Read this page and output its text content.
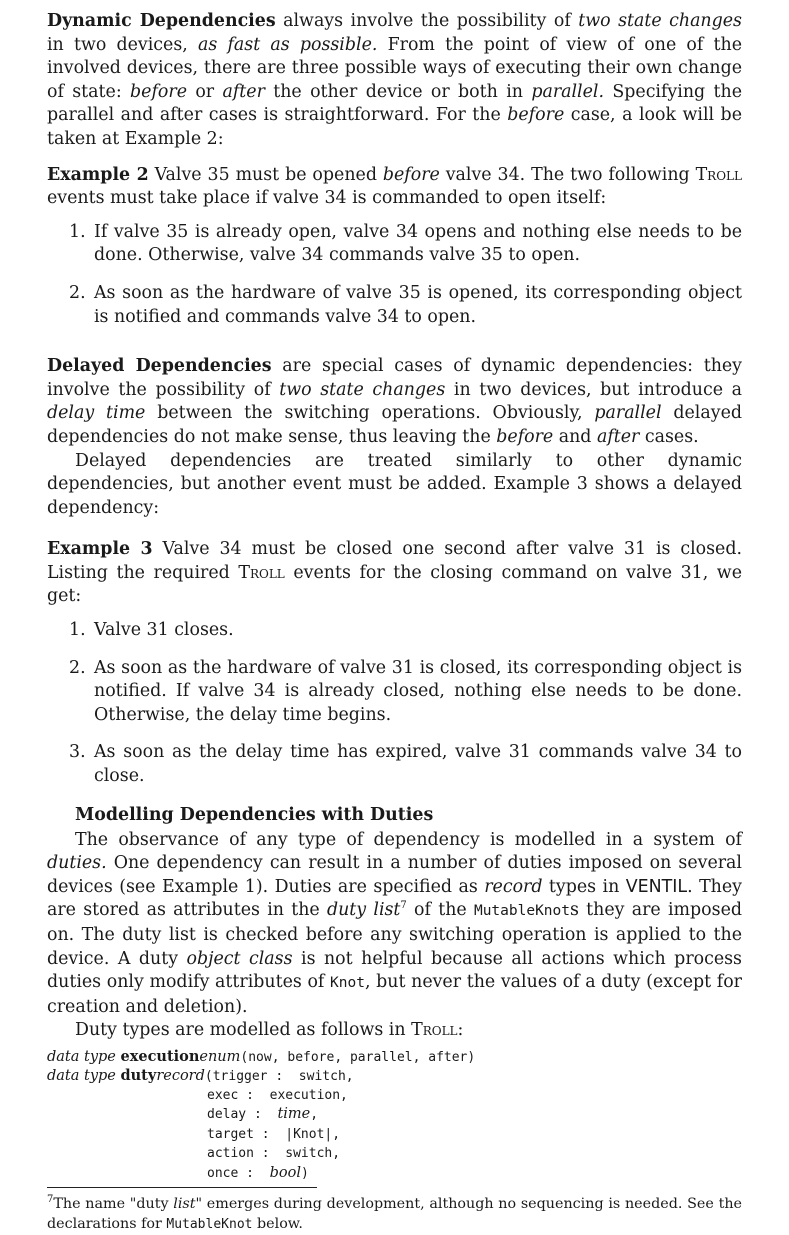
Dynamic Dependencies always involve the possibility of two state changes in two devices, as fast as possible. From the point of view of one of the involved devices, there are three possible ways of executing their own change of state: before or after the other device or both in parallel. Specifying the parallel and after cases is straightforward. For the before case, a look will be taken at Example 2:

Example 2 Valve 35 must be opened before valve 34. The two following Troll events must take place if valve 34 is commanded to open itself:

1. If valve 35 is already open, valve 34 opens and nothing else needs to be done. Otherwise, valve 34 commands valve 35 to open.
2. As soon as the hardware of valve 35 is opened, its corresponding object is notified and commands valve 34 to open.

Delayed Dependencies are special cases of dynamic dependencies: they involve the possibility of two state changes in two devices, but introduce a delay time between the switching operations. Obviously, parallel delayed dependencies do not make sense, thus leaving the before and after cases.

Delayed dependencies are treated similarly to other dynamic dependencies, but another event must be added. Example 3 shows a delayed dependency:

Example 3 Valve 34 must be closed one second after valve 31 is closed. Listing the required Troll events for the closing command on valve 31, we get:

1. Valve 31 closes.
2. As soon as the hardware of valve 31 is closed, its corresponding object is notified. If valve 34 is already closed, nothing else needs to be done. Otherwise, the delay time begins.
3. As soon as the delay time has expired, valve 31 commands valve 34 to close.
Modelling Dependencies with Duties

The observance of any type of dependency is modelled in a system of duties. One dependency can result in a number of duties imposed on several devices (see Example 1). Duties are specified as record types in VENTIL. They are stored as attributes in the duty list$^7$ of the MutableKnots they are imposed on. The duty list is checked before any switching operation is applied to the device. A duty object class is not helpful because all actions which process duties only modify attributes of Knot, but never the values of a duty (except for creation and deletion).

Duty types are modelled as follows in Troll:

data type executionenum(now, before, parallel, after)
data type dutyrecord(trigger :  switch,
exec :  execution,
delay :  time,
target :  |Knot|,
action :  switch,
once :  bool)

$^7$The name "duty list" emerges during development, although no sequencing is needed. See the declarations for MutableKnot below.
